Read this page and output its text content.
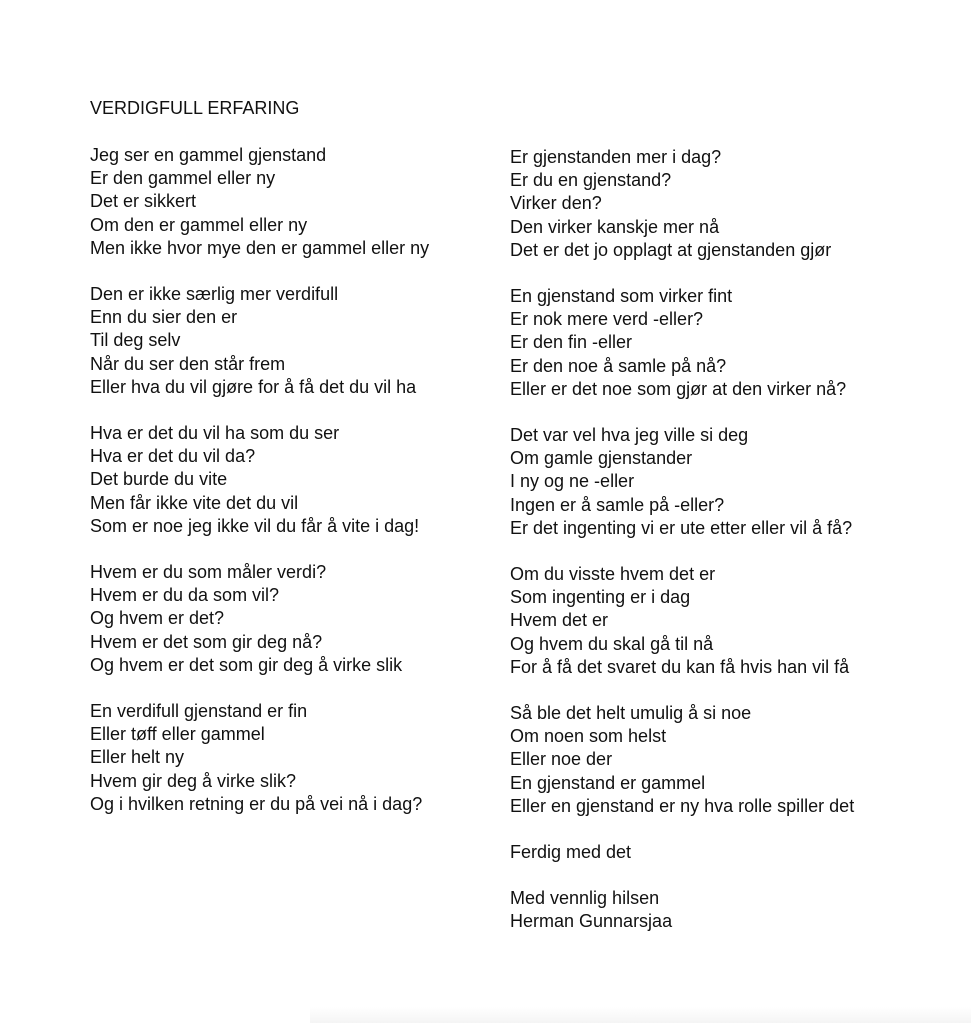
VERDIGFULL ERFARING
Jeg ser en gammel gjenstand
Er den gammel eller ny
Det er sikkert
Om den er gammel eller ny
Men ikke hvor mye den er gammel eller ny
Den er ikke særlig mer verdifull
Enn du sier den er
Til deg selv
Når du ser den står frem
Eller hva du vil gjøre for å få det du vil ha
Hva er det du vil ha som du ser
Hva er det du vil da?
Det burde du vite
Men får ikke vite det du vil
Som er noe jeg ikke vil du får å vite i dag!
Hvem er du som måler verdi?
Hvem er du da som vil?
Og hvem er det?
Hvem er det som gir deg nå?
Og hvem er det som gir deg å virke slik
En verdifull gjenstand er fin
Eller tøff eller gammel
Eller helt ny
Hvem gir deg å virke slik?
Og i hvilken retning er du på vei nå i dag?
Er gjenstanden mer i dag?
Er du en gjenstand?
Virker den?
Den virker kanskje mer nå
Det er det jo opplagt at gjenstanden gjør
En gjenstand som virker fint
Er nok mere verd -eller?
Er den fin -eller
Er den noe å samle på nå?
Eller er det noe som gjør at den virker nå?
Det var vel hva jeg ville si deg
Om gamle gjenstander
I ny og ne -eller
Ingen er å samle på -eller?
Er det ingenting vi er ute etter eller vil å få?
Om du visste hvem det er
Som ingenting er i dag
Hvem det er
Og hvem du skal gå til nå
For å få det svaret du kan få hvis han vil få
Så ble det helt umulig å si noe
Om noen som helst
Eller noe der
En gjenstand er gammel
Eller en gjenstand er ny hva rolle spiller det
Ferdig med det
Med vennlig hilsen
Herman Gunnarsjaa
